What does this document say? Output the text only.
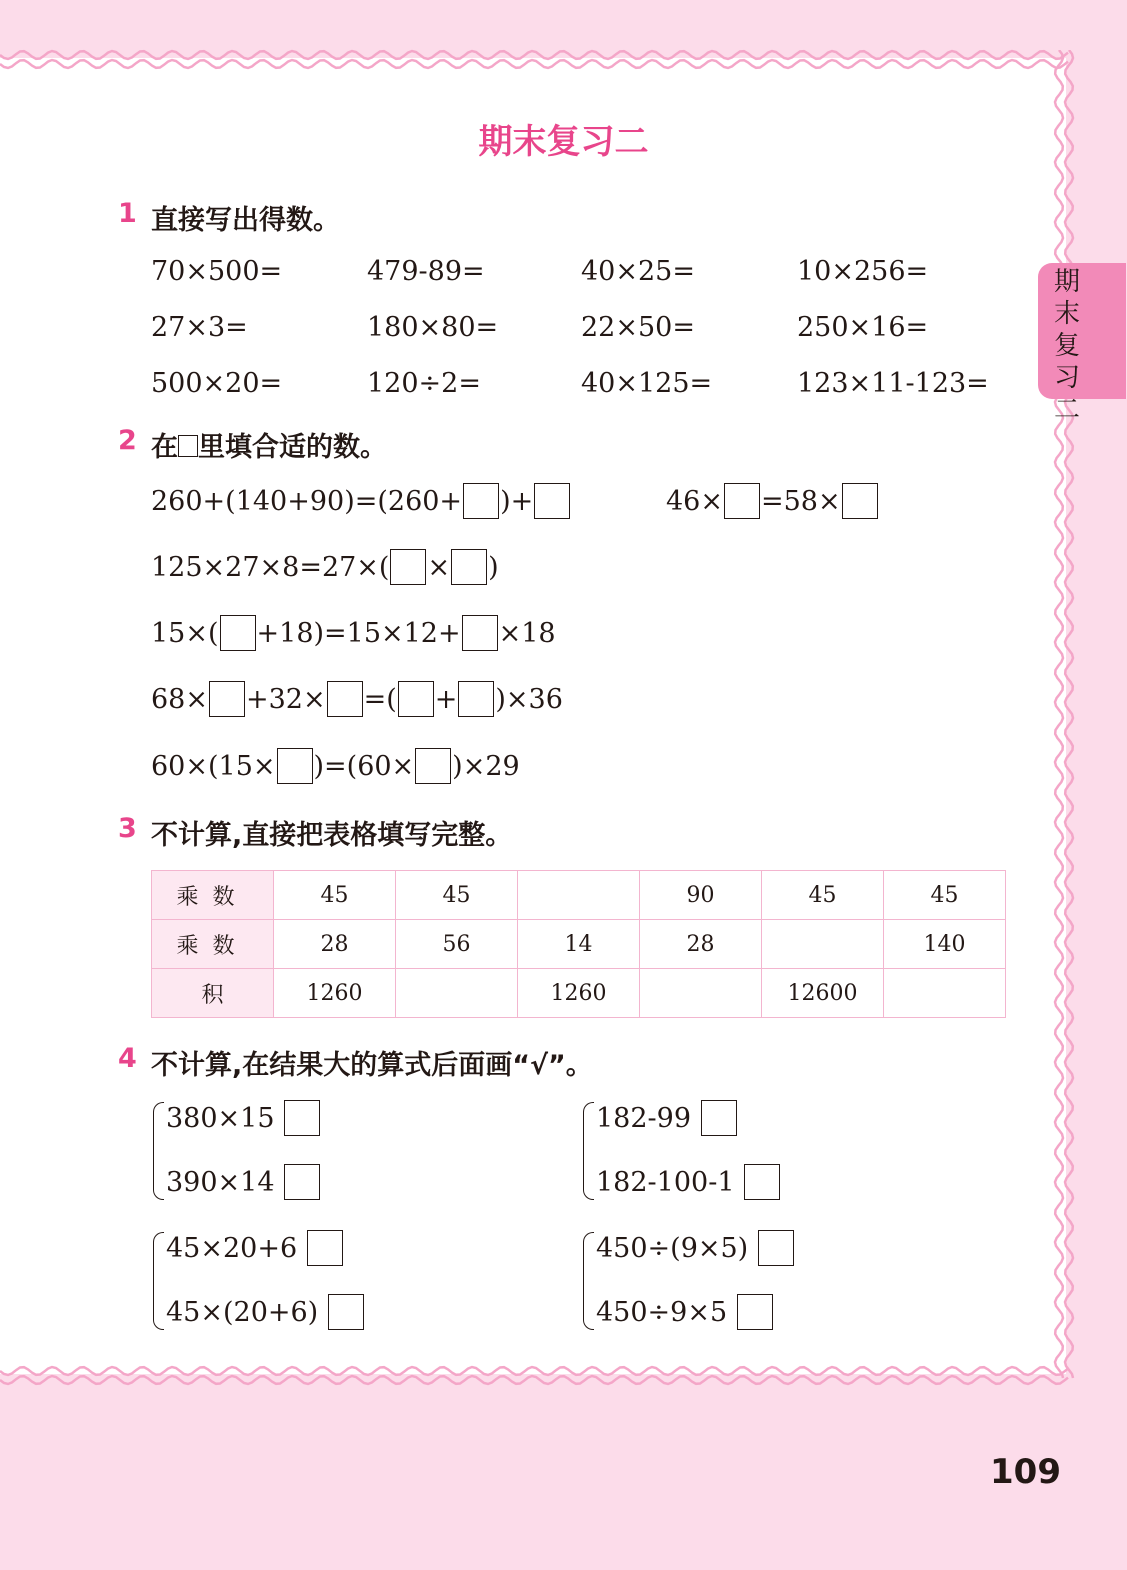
期末复习二
期末复习二
1 直接写出得数。
70×500=	479-89=	40×25=	10×256=
27×3=	180×80=	22×50=	250×16=
500×20=	120÷2=	40×125=	123×11-123=
2 在 里填合适的数。
260+(140+90)=(260+ )+	46× =58×
125×27×8=27×( × )
15×( +18)=15×12+ ×18
68× +32× =( + )×36
60×(15× )=(60× )×29
3 不计算,直接把表格填写完整。
乘数	45	45		90	45	45
乘数	28	56	14	28		140
积	1260		1260		12600	
4 不计算,在结果大的算式后面画“√”。
380×15
390×14
182-99
182-100-1
45×20+6
45×(20+6)
450÷(9×5)
450÷9×5
109
